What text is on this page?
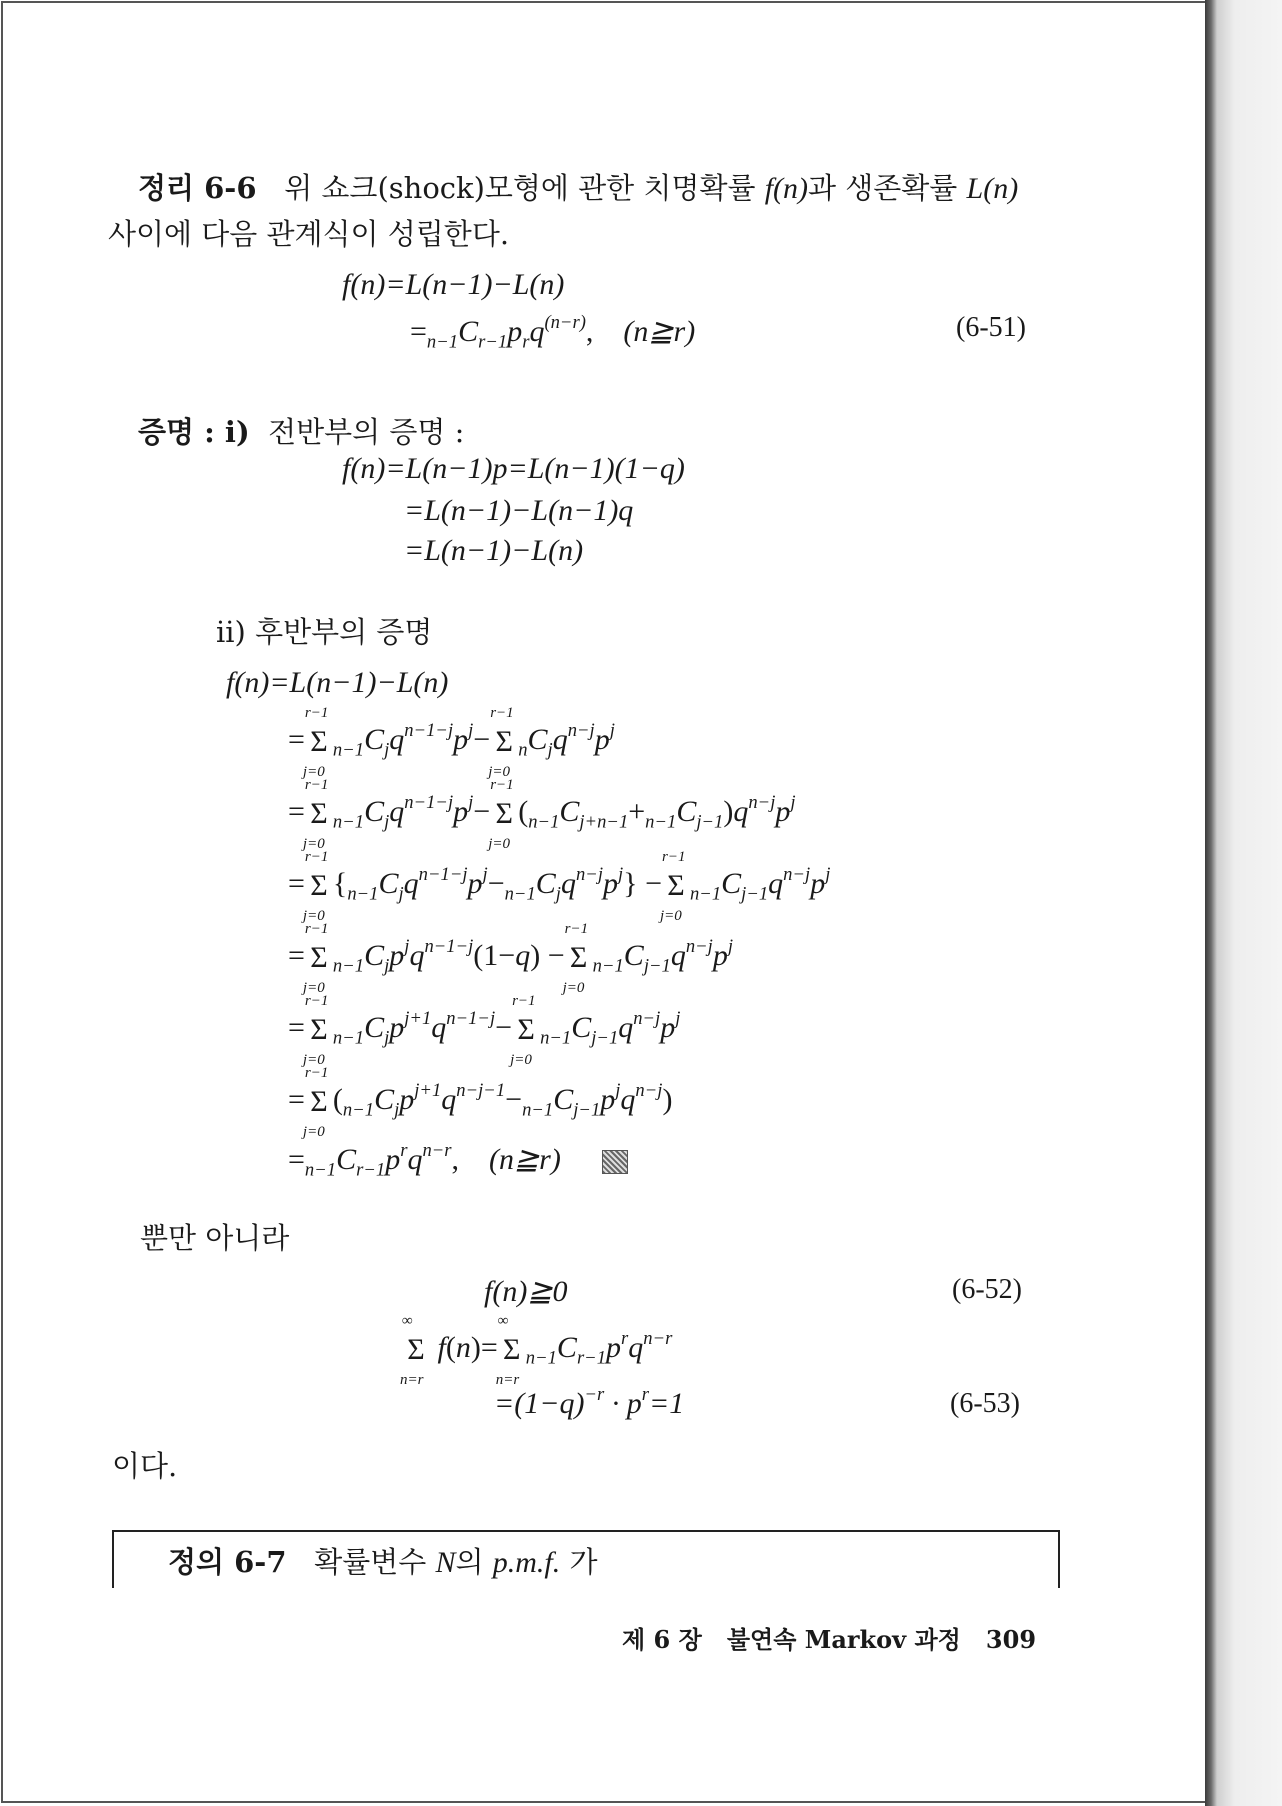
정리 6-6 위 쇼크(shock)모형에 관한 치명확률 f(n)과 생존확률 L(n)
사이에 다음 관계식이 성립한다.
f(n)=L(n−1)−L(n)
$=_{n-1}C_{r-1}p_rq^{(n-r)}$, (n≧r)	(6-51)
증명 : i) 전반부의 증명 :
f(n)=L(n−1)p=L(n−1)(1−q)
=L(n−1)−L(n−1)q
=L(n−1)−L(n)
ii) 후반부의 증명
f(n)=L(n−1)−L(n)
= Σ
r−1
j=0
$_{n-1}C_jq^{n-1-j}p^j- \Sigma$
r−1
j=0
$_nC_jq^{n-j}p^j$
= Σ
r−1
j=0
$_{n-1}C_jq^{n-1-j}p^j- \Sigma$
r−1
j=0
$(_{n-1}C_{j+n-1}+_{n-1}C_{j-1})q^{n-j}p^j$
= Σ
r−1
j=0
$\{_{n-1}C_jq^{n-1-j}p^j-_{n-1}C_jq^{n-j}p^j\} - \Sigma$
r−1
j=0
$_{n-1}C_{j-1}q^{n-j}p^j$
= Σ
r−1
j=0
$_{n-1}C_jp^jq^{n-1-j}(1-q) - \Sigma$
r−1
j=0
$_{n-1}C_{j-1}q^{n-j}p^j$
= Σ
r−1
j=0
$_{n-1}C_jp^{j+1}q^{n-1-j}- \Sigma$
r−1
j=0
$_{n-1}C_{j-1}q^{n-j}p^j$
= Σ
r−1
j=0
$(_{n-1}C_jp^{j+1}q^{n-j-1}-_{n-1}C_{j-1}p^jq^{n-j})$
$=_{n-1}C_{r-1}p^rq^{n-r}$, (n≧r)
뿐만 아니라
f(n)≧0	(6-52)
Σ
∞
n=r
f(n)= Σ
∞
n=r
$_{n-1}C_{r-1}p^rq^{n-r}$
$=(1-q)^{-r} \cdot p^r=1$	(6-53)
이다.
정의 6-7 확률변수 N의 p.m.f. 가
제 6 장 불연속 Markov 과정 309
